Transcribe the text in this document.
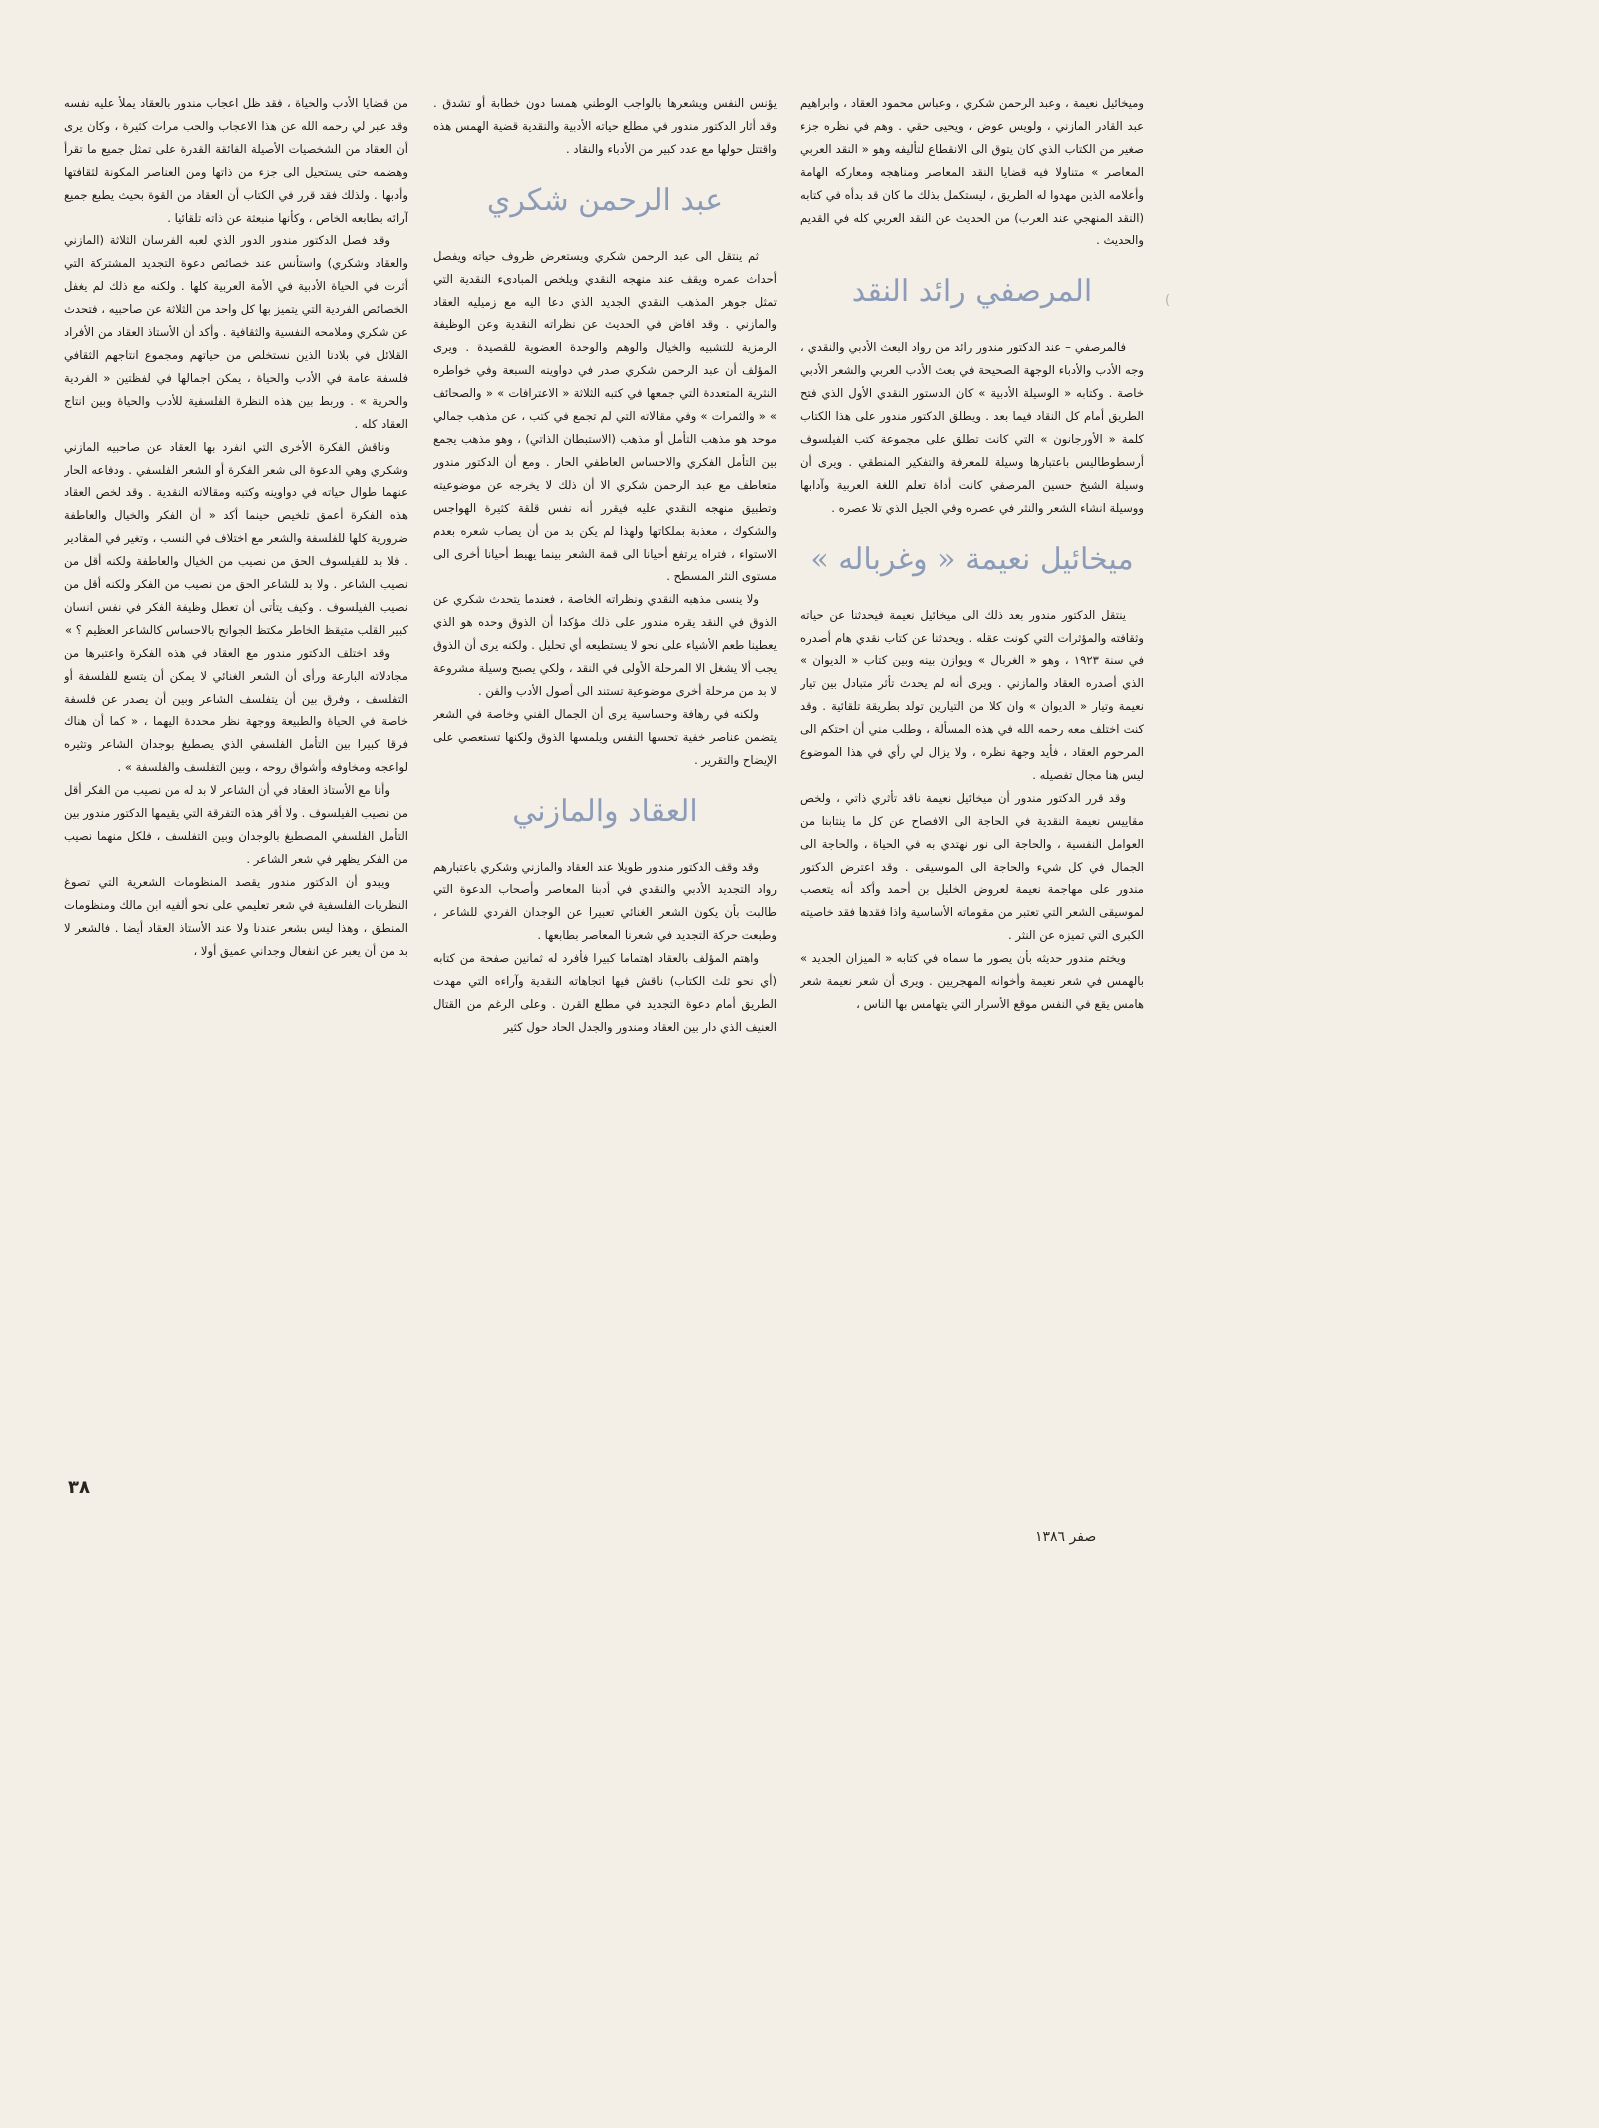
(

وميخائيل نعيمة ، وعبد الرحمن شكري ، وعباس محمود العقاد ، وابراهيم عبد القادر المازني ، ولويس عوض ، ويحيى حقي . وهم في نظره جزء صغير من الكتاب الذي كان يتوق الى الانقطاع لتأليفه وهو « النقد العربي المعاصر » متناولا فيه قضايا النقد المعاصر ومناهجه ومعاركه الهامة وأعلامه الذين مهدوا له الطريق ، ليستكمل بذلك ما كان قد بدأه في كتابه (النقد المنهجي عند العرب) من الحديث عن النقد العربي كله في القديم والحديث .

المرصفي رائد النقد

فالمرصفي – عند الدكتور مندور رائد من رواد البعث الأدبي والنقدي ، وجه الأدب والأدباء الوجهة الصحيحة في بعث الأدب العربي والشعر الأدبي خاصة . وكتابه « الوسيلة الأدبية » كان الدستور النقدي الأول الذي فتح الطريق أمام كل النقاد فيما بعد . ويطلق الدكتور مندور على هذا الكتاب كلمة « الأورجانون » التي كانت تطلق على مجموعة كتب الفيلسوف أرسطوطاليس باعتبارها وسيلة للمعرفة والتفكير المنطقي . ويرى أن وسيلة الشيخ حسين المرصفي كانت أداة تعلم اللغة العربية وآدابها ووسيلة انشاء الشعر والنثر في عصره وفي الجيل الذي تلا عصره .

ميخائيل نعيمة « وغرباله »

ينتقل الدكتور مندور بعد ذلك الى ميخائيل نعيمة فيحدثنا عن حياته وثقافته والمؤثرات التي كونت عقله . ويحدثنا عن كتاب نقدي هام أصدره في سنة ١٩٢٣ ، وهو « الغربال » ويوازن بينه وبين كتاب « الديوان » الذي أصدره العقاد والمازني . ويرى أنه لم يحدث تأثر متبادل بين تيار نعيمة وتيار « الديوان » وان كلا من التيارين تولد بطريقة تلقائية . وقد كنت اختلف معه رحمه الله في هذه المسألة ، وطلب مني أن احتكم الى المرحوم العقاد ، فأيد وجهة نظره ، ولا يزال لي رأي في هذا الموضوع ليس هنا مجال تفصيله .

وقد قرر الدكتور مندور أن ميخائيل نعيمة ناقد تأثري ذاتي ، ولخص مقاييس نعيمة النقدية في الحاجة الى الافصاح عن كل ما ينتابنا من العوامل النفسية ، والحاجة الى نور نهتدي به في الحياة ، والحاجة الى الجمال في كل شيء والحاجة الى الموسيقى . وقد اعترض الدكتور مندور على مهاجمة نعيمة لعروض الخليل بن أحمد وأكد أنه يتعصب لموسيقى الشعر التي تعتبر من مقوماته الأساسية واذا فقدها فقد خاصيته الكبرى التي تميزه عن النثر .

ويختم مندور حديثه بأن يصور ما سماه في كتابه « الميزان الجديد » بالهمس في شعر نعيمة وأخوانه المهجريين . ويرى أن شعر نعيمة شعر هامس يقع في النفس موقع الأسرار التي يتهامس بها الناس ،

يؤنس النفس ويشعرها بالواجب الوطني همسا دون خطابة أو تشدق . وقد أثار الدكتور مندور في مطلع حياته الأدبية والنقدية قضية الهمس هذه واقتتل حولها مع عدد كبير من الأدباء والنقاد .

عبد الرحمن شكري

ثم ينتقل الى عبد الرحمن شكري ويستعرض ظروف حياته ويفصل أحداث عمره ويقف عند منهجه النقدي ويلخص المبادىء النقدية التي تمثل جوهر المذهب النقدي الجديد الذي دعا اليه مع زميليه العقاد والمازني . وقد افاض في الحديث عن نظراته النقدية وعن الوظيفة الرمزية للتشبيه والخيال والوهم والوحدة العضوية للقصيدة . ويرى المؤلف أن عبد الرحمن شكري صدر في دواوينه السبعة وفي خواطره النثرية المتعددة التي جمعها في كتبه الثلاثة « الاعترافات » « والصحائف » « والثمرات » وفي مقالاته التي لم تجمع في كتب ، عن مذهب جمالي موحد هو مذهب التأمل أو مذهب (الاستبطان الذاتي) ، وهو مذهب يجمع بين التأمل الفكري والاحساس العاطفي الحار . ومع أن الدكتور مندور متعاطف مع عبد الرحمن شكري الا أن ذلك لا يخرجه عن موضوعيته وتطبيق منهجه النقدي عليه فيقرر أنه نفس قلقة كثيرة الهواجس والشكوك ، معذبة بملكاتها ولهذا لم يكن بد من أن يصاب شعره بعدم الاستواء ، فتراه يرتفع أحيانا الى قمة الشعر بينما يهبط أحيانا أخرى الى مستوى النثر المسطح .

ولا ينسى مذهبه النقدي ونظراته الخاصة ، فعندما يتحدث شكري عن الذوق في النقد يقره مندور على ذلك مؤكدا أن الذوق وحده هو الذي يعطينا طعم الأشياء على نحو لا يستطيعه أي تحليل . ولكنه يرى أن الذوق يجب ألا يشغل الا المرحلة الأولى في النقد ، ولكي يصبح وسيلة مشروعة لا بد من مرحلة أخرى موضوعية تستند الى أصول الأدب والفن .

ولكنه في رهافة وحساسية يرى أن الجمال الفني وخاصة في الشعر يتضمن عناصر خفية تحسها النفس ويلمسها الذوق ولكنها تستعصي على الإيضاح والتقرير .

العقاد والمازني

وقد وقف الدكتور مندور طويلا عند العقاد والمازني وشكري باعتبارهم رواد التجديد الأدبي والنقدي في أدبنا المعاصر وأصحاب الدعوة التي طالبت بأن يكون الشعر الغنائي تعبيرا عن الوجدان الفردي للشاعر ، وطبعت حركة التجديد في شعرنا المعاصر بطابعها .

واهتم المؤلف بالعقاد اهتماما كبيرا فأفرد له ثمانين صفحة من كتابه (أي نحو ثلث الكتاب) ناقش فيها اتجاهاته النقدية وآراءه التي مهدت الطريق أمام دعوة التجديد في مطلع القرن . وعلى الرغم من القتال العنيف الذي دار بين العقاد ومندور والجدل الحاد حول كثير

من قضايا الأدب والحياة ، فقد ظل اعجاب مندور بالعقاد يملأ عليه نفسه وقد عبر لي رحمه الله عن هذا الاعجاب والحب مرات كثيرة ، وكان يرى أن العقاد من الشخصيات الأصيلة الفائقة القدرة على تمثل جميع ما تقرأ وهضمه حتى يستحيل الى جزء من ذاتها ومن العناصر المكونة لثقافتها وأدبها . ولذلك فقد قرر في الكتاب أن العقاد من القوة بحيث يطبع جميع آرائه بطابعه الخاص ، وكأنها منبعثة عن ذاته تلقائيا .

وقد فصل الدكتور مندور الدور الذي لعبه الفرسان الثلاثة (المازني والعقاد وشكري) واستأنس عند خصائص دعوة التجديد المشتركة التي أثرت في الحياة الأدبية في الأمة العربية كلها . ولكنه مع ذلك لم يغفل الخصائص الفردية التي يتميز بها كل واحد من الثلاثة عن صاحبيه ، فتحدث عن شكري وملامحه النفسية والثقافية . وأكد أن الأستاذ العقاد من الأفراد القلائل في بلادنا الذين نستخلص من حياتهم ومجموع انتاجهم الثقافي فلسفة عامة في الأدب والحياة ، يمكن اجمالها في لفظتين « الفردية والحرية » . وربط بين هذه النظرة الفلسفية للأدب والحياة وبين انتاج العقاد كله .

وناقش الفكرة الأخرى التي انفرد بها العقاد عن صاحبيه المازني وشكري وهي الدعوة الى شعر الفكرة أو الشعر الفلسفي . ودفاعه الحار عنهما طوال حياته في دواوينه وكتبه ومقالاته النقدية . وقد لخص العقاد هذه الفكرة أعمق تلخيص حينما أكد « أن الفكر والخيال والعاطفة ضرورية كلها للفلسفة والشعر مع اختلاف في النسب ، وتغير في المقادير . فلا بد للفيلسوف الحق من نصيب من الخيال والعاطفة ولكنه أقل من نصيب الشاعر . ولا بد للشاعر الحق من نصيب من الفكر ولكنه أقل من نصيب الفيلسوف . وكيف يتأتى أن تعطل وظيفة الفكر في نفس انسان كبير القلب متيقظ الخاطر مكتظ الجوانح بالاحساس كالشاعر العظيم ؟ »

وقد اختلف الدكتور مندور مع العقاد في هذه الفكرة واعتبرها من مجادلاته البارعة ورأى أن الشعر الغنائي لا يمكن أن يتسع للفلسفة أو التفلسف ، وفرق بين أن يتفلسف الشاعر وبين أن يصدر عن فلسفة خاصة في الحياة والطبيعة ووجهة نظر محددة اليهما ، « كما أن هناك فرقا كبيرا بين التأمل الفلسفي الذي يصطبغ بوجدان الشاعر وتثيره لواعجه ومخاوفه وأشواق روحه ، وبين التفلسف والفلسفة » .

وأنا مع الأستاذ العقاد في أن الشاعر لا بد له من نصيب من الفكر أقل من نصيب الفيلسوف . ولا أقر هذه التفرقة التي يقيمها الدكتور مندور بين التأمل الفلسفي المصطبغ بالوجدان وبين التفلسف ، فلكل منهما نصيب من الفكر يظهر في شعر الشاعر .

ويبدو أن الدكتور مندور يقصد المنظومات الشعرية التي تصوغ النظريات الفلسفية في شعر تعليمي على نحو ألفيه ابن مالك ومنظومات المنطق ، وهذا ليس بشعر عندنا ولا عند الأستاذ العقاد أيضا . فالشعر لا بد من أن يعبر عن انفعال وجداني عميق أولا ،

٣٨
صفر ١٣٨٦
